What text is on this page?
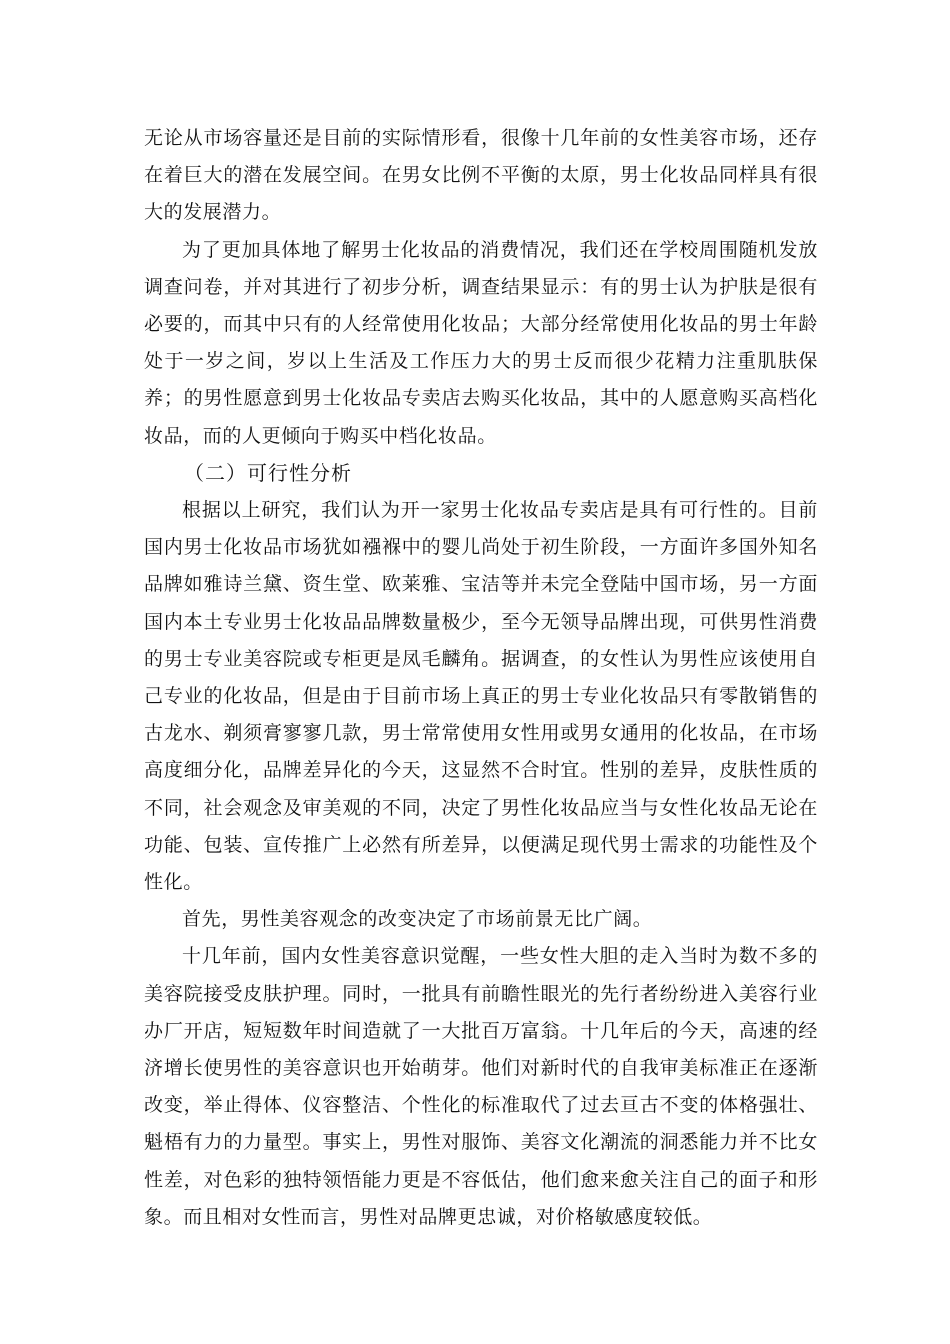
无论从市场容量还是目前的实际情形看，很像十几年前的女性美容市场，还存在着巨大的潜在发展空间。在男女比例不平衡的太原，男士化妆品同样具有很大的发展潜力。

为了更加具体地了解男士化妆品的消费情况，我们还在学校周围随机发放调查问卷，并对其进行了初步分析，调查结果显示：有的男士认为护肤是很有必要的，而其中只有的人经常使用化妆品；大部分经常使用化妆品的男士年龄处于一岁之间，岁以上生活及工作压力大的男士反而很少花精力注重肌肤保养；的男性愿意到男士化妆品专卖店去购买化妆品，其中的人愿意购买高档化妆品，而的人更倾向于购买中档化妆品。

（二）可行性分析

根据以上研究，我们认为开一家男士化妆品专卖店是具有可行性的。目前国内男士化妆品市场犹如襁褓中的婴儿尚处于初生阶段，一方面许多国外知名品牌如雅诗兰黛、资生堂、欧莱雅、宝洁等并未完全登陆中国市场，另一方面国内本土专业男士化妆品品牌数量极少，至今无领导品牌出现，可供男性消费的男士专业美容院或专柜更是凤毛麟角。据调查，的女性认为男性应该使用自己专业的化妆品，但是由于目前市场上真正的男士专业化妆品只有零散销售的古龙水、剃须膏寥寥几款，男士常常使用女性用或男女通用的化妆品，在市场高度细分化，品牌差异化的今天，这显然不合时宜。性别的差异，皮肤性质的不同，社会观念及审美观的不同，决定了男性化妆品应当与女性化妆品无论在功能、包装、宣传推广上必然有所差异，以便满足现代男士需求的功能性及个性化。

首先，男性美容观念的改变决定了市场前景无比广阔。

十几年前，国内女性美容意识觉醒，一些女性大胆的走入当时为数不多的美容院接受皮肤护理。同时，一批具有前瞻性眼光的先行者纷纷进入美容行业办厂开店，短短数年时间造就了一大批百万富翁。十几年后的今天，高速的经济增长使男性的美容意识也开始萌芽。他们对新时代的自我审美标准正在逐渐改变，举止得体、仪容整洁、个性化的标准取代了过去亘古不变的体格强壮、魁梧有力的力量型。事实上，男性对服饰、美容文化潮流的洞悉能力并不比女性差，对色彩的独特领悟能力更是不容低估，他们愈来愈关注自己的面子和形象。而且相对女性而言，男性对品牌更忠诚，对价格敏感度较低。
